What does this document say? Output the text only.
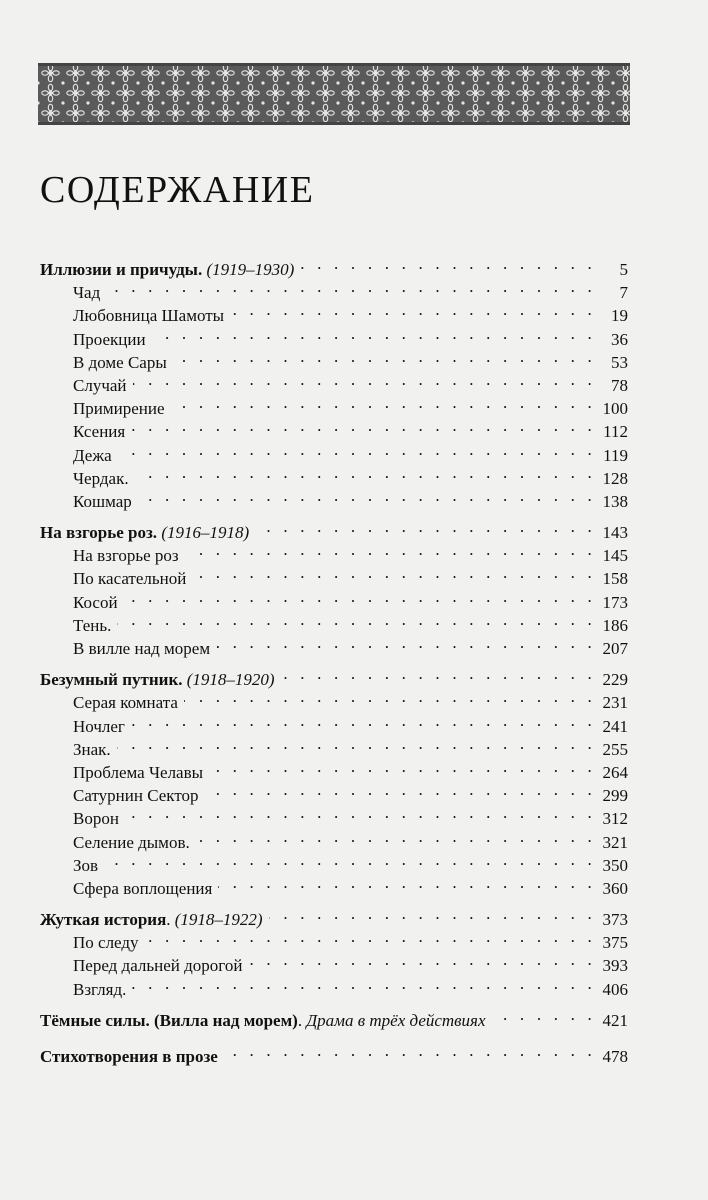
СОДЕРЖАНИЕ
Иллюзии и причуды. (1919–1930) . . .	5
Чад . . .	7
Любовница Шамоты . . .	19
Проекции . . .	36
В доме Сары . . .	53
Случай . . .	78
Примирение . . .	100
Ксения . . .	112
Дежа . . .	119
Чердак. . . .	128
Кошмар . . .	138
На взгорье роз. (1916–1918) . . .	143
На взгорье роз . . .	145
По касательной . . .	158
Косой . . .	173
Тень. . . .	186
В вилле над морем . . .	207
Безумный путник. (1918–1920) . . .	229
Серая комната . . .	231
Ночлег . . .	241
Знак. . . .	255
Проблема Челавы . . .	264
Сатурнин Сектор . . .	299
Ворон . . .	312
Селение дымов. . . .	321
Зов . . .	350
Сфера воплощения . . .	360
Жуткая история. (1918–1922) . . .	373
По следу . . .	375
Перед дальней дорогой . . .	393
Взгляд. . . .	406
Тёмные силы. (Вилла над морем). Драма в трёх действиях . . .	421
Стихотворения в прозе . . .	478
